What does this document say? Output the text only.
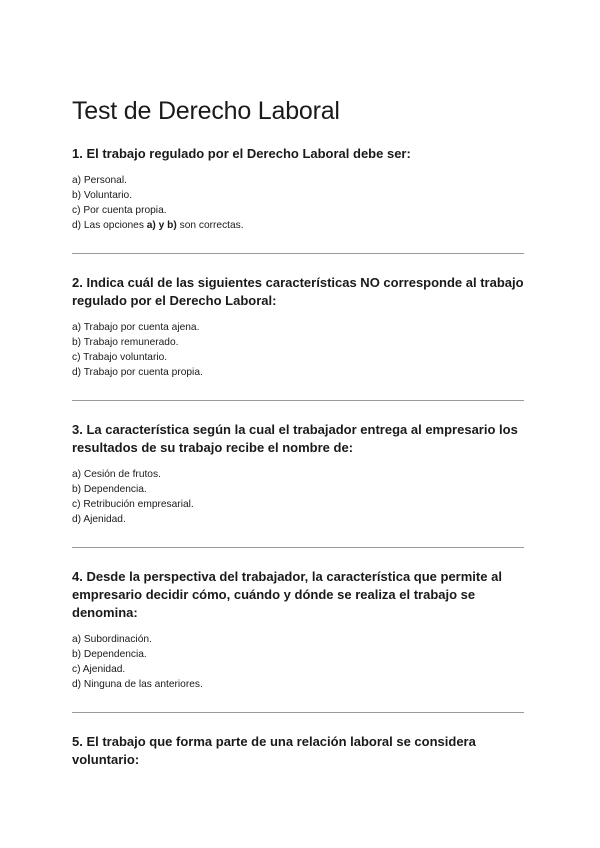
Test de Derecho Laboral

1. El trabajo regulado por el Derecho Laboral debe ser:

a) Personal.
b) Voluntario.
c) Por cuenta propia.
d) Las opciones a) y b) son correctas.

2. Indica cuál de las siguientes características NO corresponde al trabajo regulado por el Derecho Laboral:

a) Trabajo por cuenta ajena.
b) Trabajo remunerado.
c) Trabajo voluntario.
d) Trabajo por cuenta propia.

3. La característica según la cual el trabajador entrega al empresario los resultados de su trabajo recibe el nombre de:

a) Cesión de frutos.
b) Dependencia.
c) Retribución empresarial.
d) Ajenidad.

4. Desde la perspectiva del trabajador, la característica que permite al empresario decidir cómo, cuándo y dónde se realiza el trabajo se denomina:

a) Subordinación.
b) Dependencia.
c) Ajenidad.
d) Ninguna de las anteriores.

5. El trabajo que forma parte de una relación laboral se considera voluntario:
